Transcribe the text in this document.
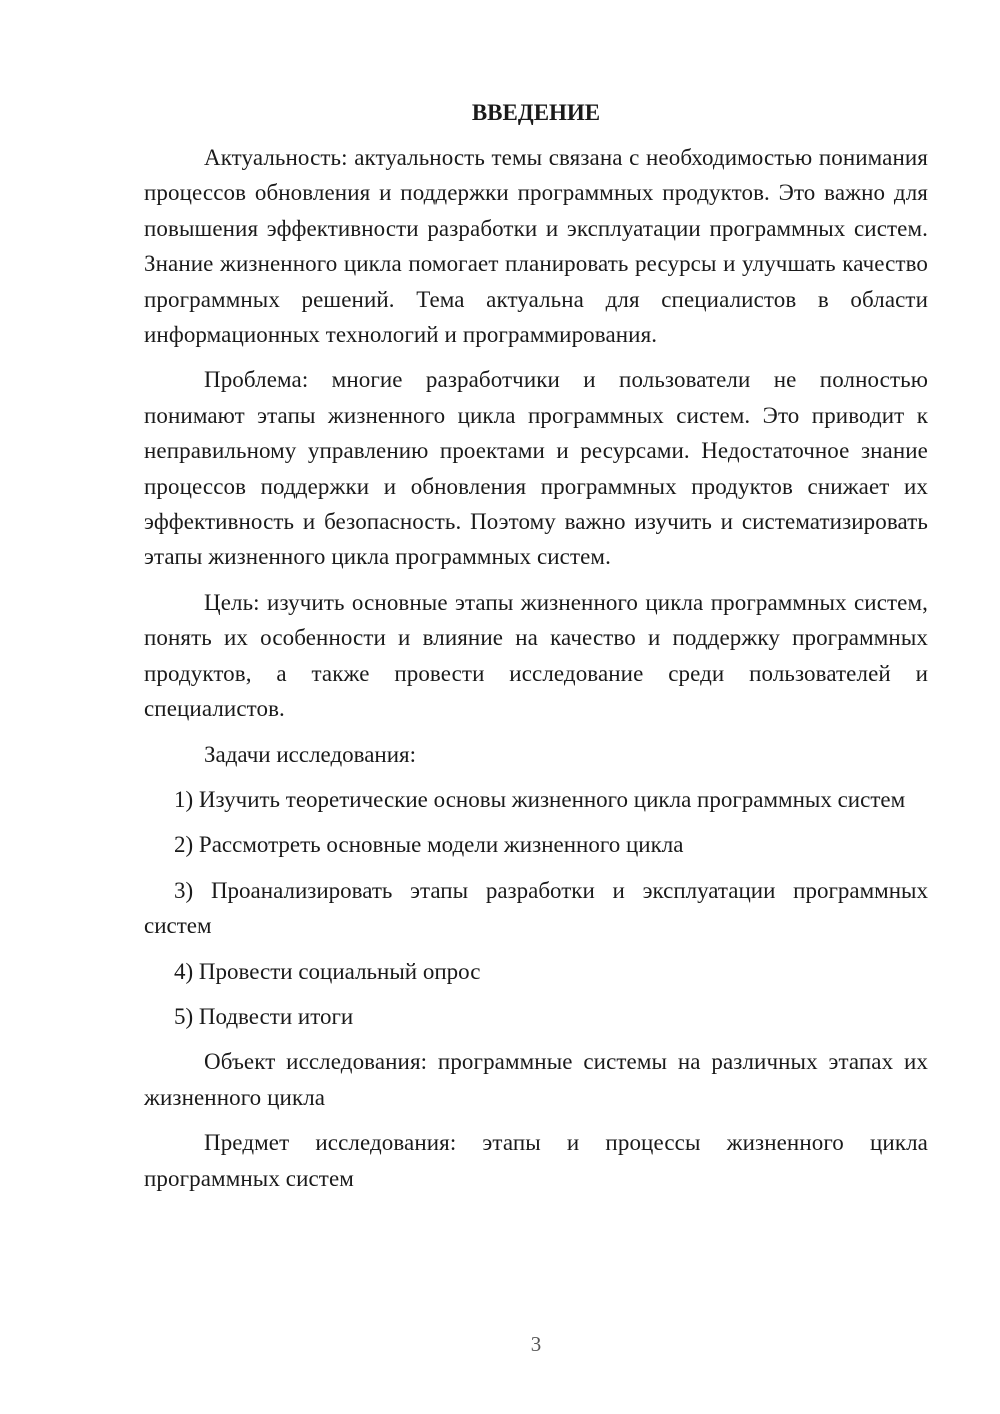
ВВЕДЕНИЕ

Актуальность: актуальность темы связана с необходимостью понимания процессов обновления и поддержки программных продуктов. Это важно для повышения эффективности разработки и эксплуатации программных систем. Знание жизненного цикла помогает планировать ресурсы и улучшать качество программных решений. Тема актуальна для специалистов в области информационных технологий и программирования.

Проблема: многие разработчики и пользователи не полностью понимают этапы жизненного цикла программных систем. Это приводит к неправильному управлению проектами и ресурсами. Недостаточное знание процессов поддержки и обновления программных продуктов снижает их эффективность и безопасность. Поэтому важно изучить и систематизировать этапы жизненного цикла программных систем.

Цель: изучить основные этапы жизненного цикла программных систем, понять их особенности и влияние на качество и поддержку программных продуктов, а также провести исследование среди пользователей и специалистов.

Задачи исследования:

1) Изучить теоретические основы жизненного цикла программных систем

2) Рассмотреть основные модели жизненного цикла

3) Проанализировать этапы разработки и эксплуатации программных систем

4) Провести социальный опрос

5) Подвести итоги

Объект исследования: программные системы на различных этапах их жизненного цикла

Предмет исследования: этапы и процессы жизненного цикла программных систем

3
